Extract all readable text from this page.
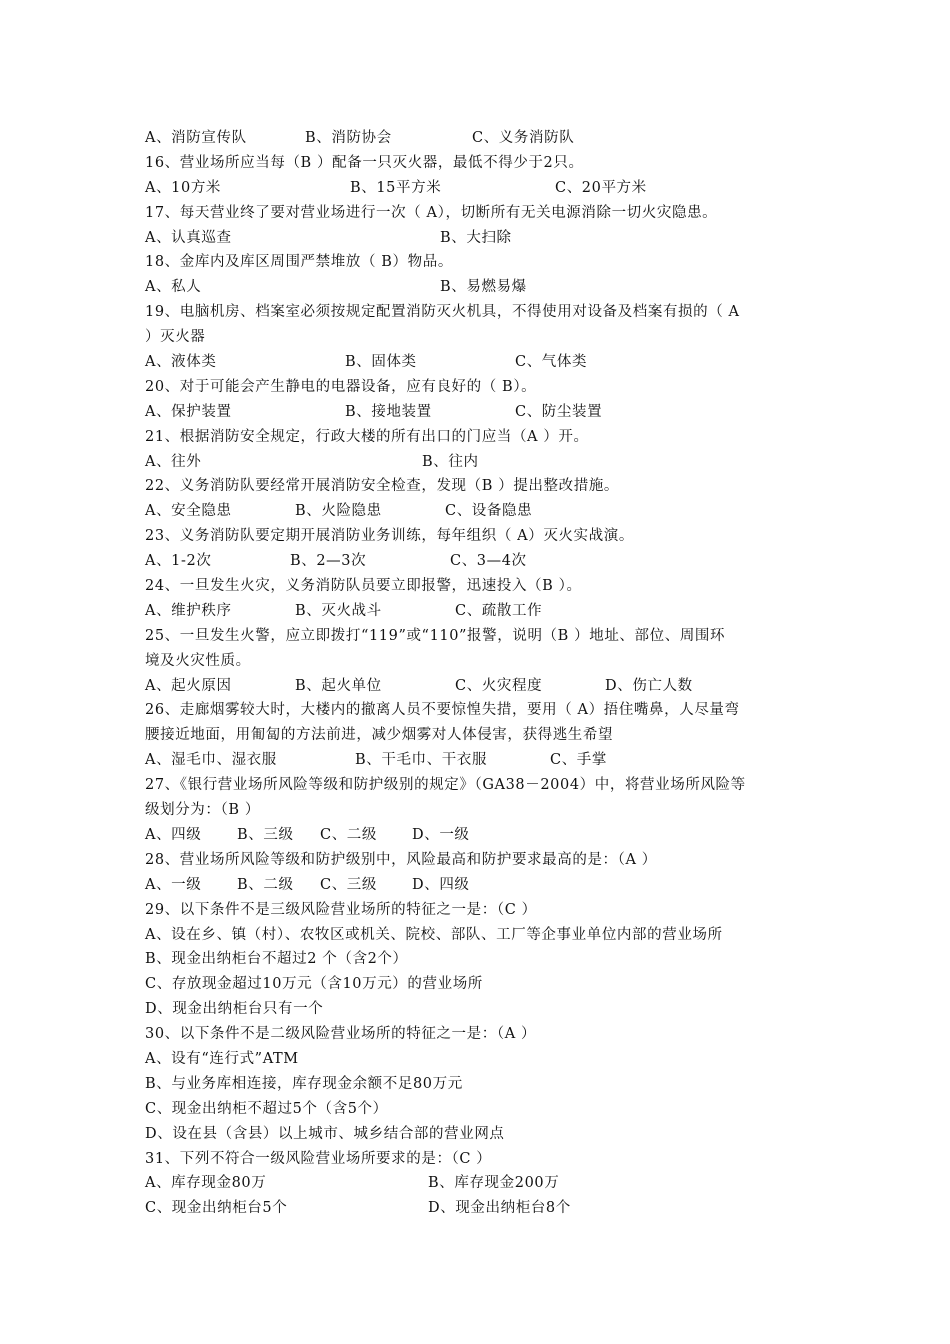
A、消防宣传队	B、消防协会	C、义务消防队
16、营业场所应当每（B ）配备一只灭火器，最低不得少于2只。
A、10方米	B、15平方米	C、20平方米
17、每天营业终了要对营业场进行一次（ A），切断所有无关电源消除一切火灾隐患。
A、认真巡查	B、大扫除
18、金库内及库区周围严禁堆放（ B）物品。
A、私人	B、易燃易爆
19、电脑机房、档案室必须按规定配置消防灭火机具，不得使用对设备及档案有损的（ A
）灭火器
A、液体类	B、固体类	C、气体类
20、对于可能会产生静电的电器设备，应有良好的（ B）。
A、保护装置	B、接地装置	C、防尘装置
21、根据消防安全规定，行政大楼的所有出口的门应当（A ）开。
A、往外	B、往内
22、义务消防队要经常开展消防安全检查，发现（B ）提出整改措施。
A、安全隐患	B、火险隐患	C、设备隐患
23、义务消防队要定期开展消防业务训练，每年组织（ A）灭火实战演。
A、1-2次	B、2—3次	C、3—4次
24、一旦发生火灾，义务消防队员要立即报警，迅速投入（B ）。
A、维护秩序	B、灭火战斗	C、疏散工作
25、一旦发生火警，应立即拨打“119”或“110”报警，说明（B ）地址、部位、周围环
境及火灾性质。
A、起火原因	B、起火单位	C、火灾程度	D、伤亡人数
26、走廊烟雾较大时，大楼内的撤离人员不要惊惶失措，要用（ A）捂住嘴鼻，人尽量弯
腰接近地面，用匍匐的方法前进，减少烟雾对人体侵害，获得逃生希望
A、湿毛巾、湿衣服	B、干毛巾、干衣服	C、手掌
27、《银行营业场所风险等级和防护级别的规定》（GA38－2004）中，将营业场所风险等
级划分为：（B ）
A、四级 B、三级 C、二级 D、一级
28、营业场所风险等级和防护级别中，风险最高和防护要求最高的是：（A ）
A、一级 B、二级 C、三级 D、四级
29、以下条件不是三级风险营业场所的特征之一是：（C ）
A、设在乡、镇（村）、农牧区或机关、院校、部队、工厂等企事业单位内部的营业场所
B、现金出纳柜台不超过2 个（含2个）
C、存放现金超过10万元（含10万元）的营业场所
D、现金出纳柜台只有一个
30、以下条件不是二级风险营业场所的特征之一是：（A ）
A、设有“连行式”ATM
B、与业务库相连接，库存现金余额不足80万元
C、现金出纳柜不超过5个（含5个）
D、设在县（含县）以上城市、城乡结合部的营业网点
31、下列不符合一级风险营业场所要求的是：（C ）
A、库存现金80万	B、库存现金200万
C、现金出纳柜台5个	D、现金出纳柜台8个
